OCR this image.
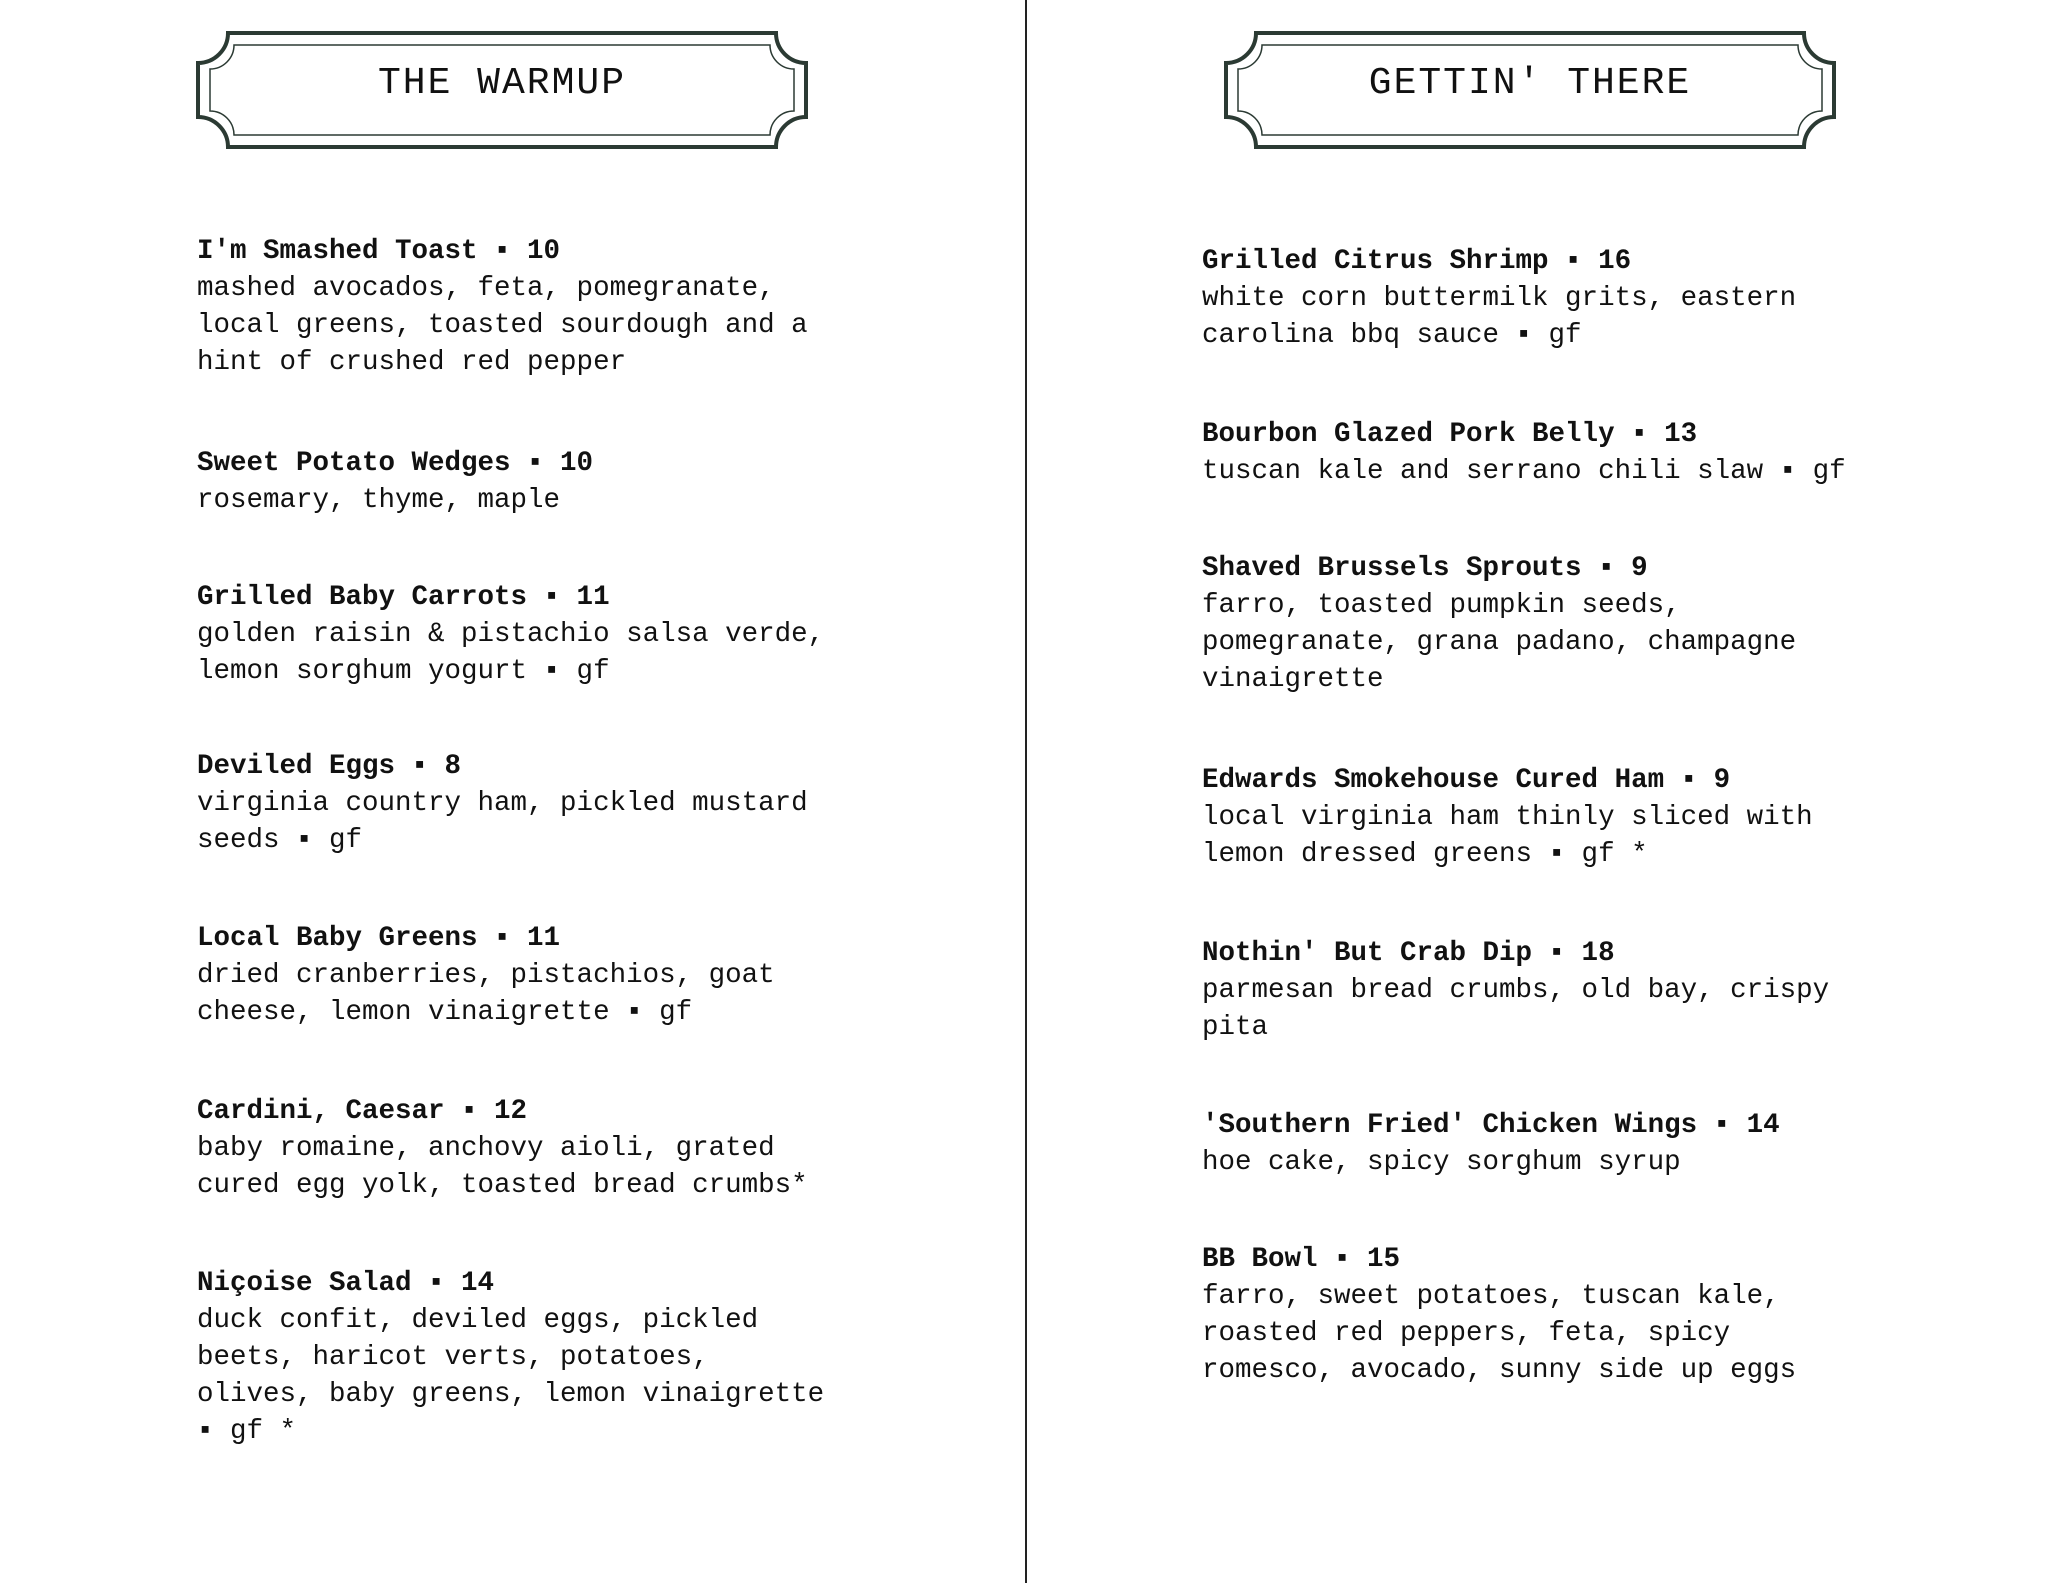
THE WARMUP
I'm Smashed Toast ▪ 10
mashed avocados, feta, pomegranate,
local greens, toasted sourdough and a
hint of crushed red pepper
Sweet Potato Wedges ▪ 10
rosemary, thyme, maple
Grilled Baby Carrots ▪ 11
golden raisin & pistachio salsa verde,
lemon sorghum yogurt ▪ gf
Deviled Eggs ▪ 8
virginia country ham, pickled mustard
seeds ▪ gf
Local Baby Greens ▪ 11
dried cranberries, pistachios, goat
cheese, lemon vinaigrette ▪ gf
Cardini, Caesar ▪ 12
baby romaine, anchovy aioli, grated
cured egg yolk, toasted bread crumbs*
Niçoise Salad ▪ 14
duck confit, deviled eggs, pickled
beets, haricot verts, potatoes,
olives, baby greens, lemon vinaigrette
▪ gf *
GETTIN' THERE
Grilled Citrus Shrimp ▪ 16
white corn buttermilk grits, eastern
carolina bbq sauce ▪ gf
Bourbon Glazed Pork Belly ▪ 13
tuscan kale and serrano chili slaw ▪ gf
Shaved Brussels Sprouts ▪ 9
farro, toasted pumpkin seeds,
pomegranate, grana padano, champagne
vinaigrette
Edwards Smokehouse Cured Ham ▪ 9
local virginia ham thinly sliced with
lemon dressed greens ▪ gf *
Nothin' But Crab Dip ▪ 18
parmesan bread crumbs, old bay, crispy
pita
'Southern Fried' Chicken Wings ▪ 14
hoe cake, spicy sorghum syrup
BB Bowl ▪ 15
farro, sweet potatoes, tuscan kale,
roasted red peppers, feta, spicy
romesco, avocado, sunny side up eggs
